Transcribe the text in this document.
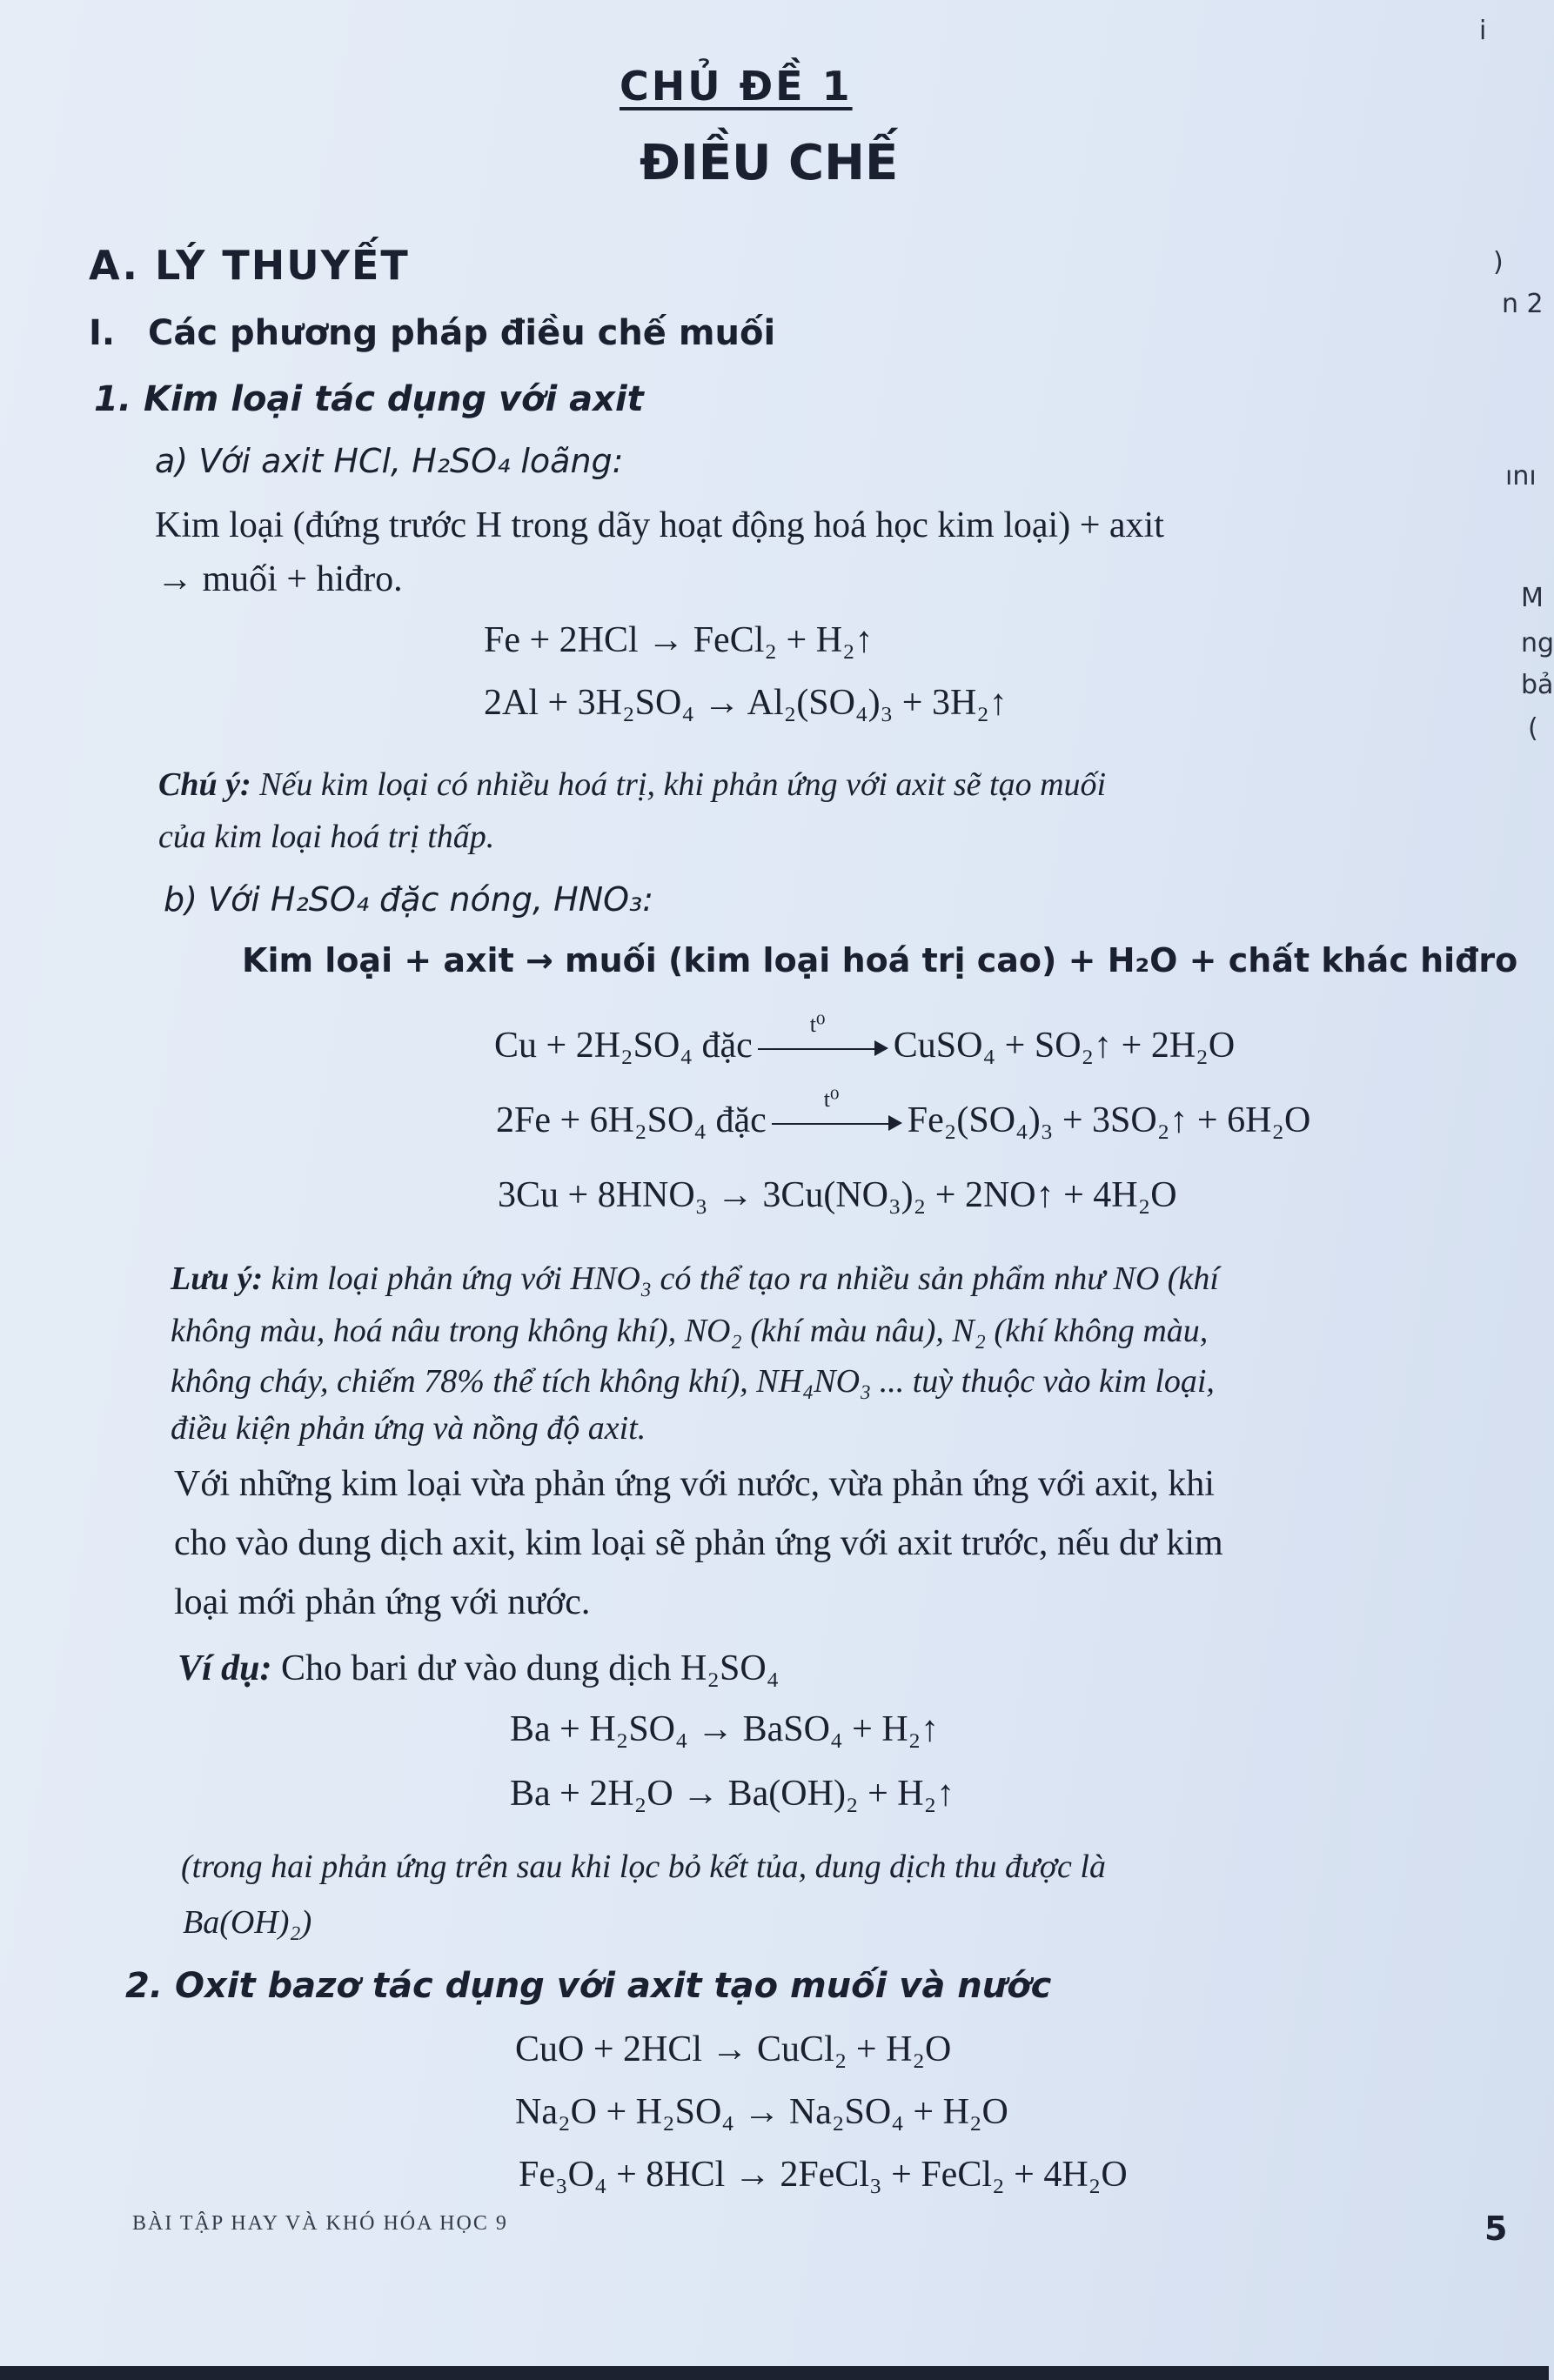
CHỦ ĐỀ 1
ĐIỀU CHẾ
A. LÝ THUYẾT
I. Các phương pháp điều chế muối
1. Kim loại tác dụng với axit
a) Với axit HCl, H₂SO₄ loãng:
Kim loại (đứng trước H trong dãy hoạt động hoá học kim loại) + axit
→ muối + hiđro.
Fe + 2HCl → FeCl₂ + H₂↑
2Al + 3H₂SO₄ → Al₂(SO₄)₃ + 3H₂↑
Chú ý: Nếu kim loại có nhiều hoá trị, khi phản ứng với axit sẽ tạo muối
của kim loại hoá trị thấp.
b) Với H₂SO₄ đặc nóng, HNO₃:
Kim loại + axit → muối (kim loại hoá trị cao) + H₂O + chất khác hiđro
Cu + 2H₂SO₄ đặc
t⁰
CuSO₄ + SO₂↑ + 2H₂O
2Fe + 6H₂SO₄ đặc
t⁰
Fe₂(SO₄)₃ + 3SO₂↑ + 6H₂O
3Cu + 8HNO₃ → 3Cu(NO₃)₂ + 2NO↑ + 4H₂O
Lưu ý: kim loại phản ứng với HNO₃ có thể tạo ra nhiều sản phẩm như NO (khí
không màu, hoá nâu trong không khí), NO₂ (khí màu nâu), N₂ (khí không màu,
không cháy, chiếm 78% thể tích không khí), NH₄NO₃ ... tuỳ thuộc vào kim loại,
điều kiện phản ứng và nồng độ axit.
Với những kim loại vừa phản ứng với nước, vừa phản ứng với axit, khi
cho vào dung dịch axit, kim loại sẽ phản ứng với axit trước, nếu dư kim
loại mới phản ứng với nước.
Ví dụ: Cho bari dư vào dung dịch H₂SO₄
Ba + H₂SO₄ → BaSO₄ + H₂↑
Ba + 2H₂O → Ba(OH)₂ + H₂↑
(trong hai phản ứng trên sau khi lọc bỏ kết tủa, dung dịch thu được là
Ba(OH)₂)
2. Oxit bazơ tác dụng với axit tạo muối và nước
CuO + 2HCl → CuCl₂ + H₂O
Na₂O + H₂SO₄ → Na₂SO₄ + H₂O
Fe₃O₄ + 8HCl → 2FeCl₃ + FeCl₂ + 4H₂O
BÀI TẬP HAY VÀ KHÓ HÓA HỌC 9	5
i
)
n 2
ını
M
ng
bả
(
